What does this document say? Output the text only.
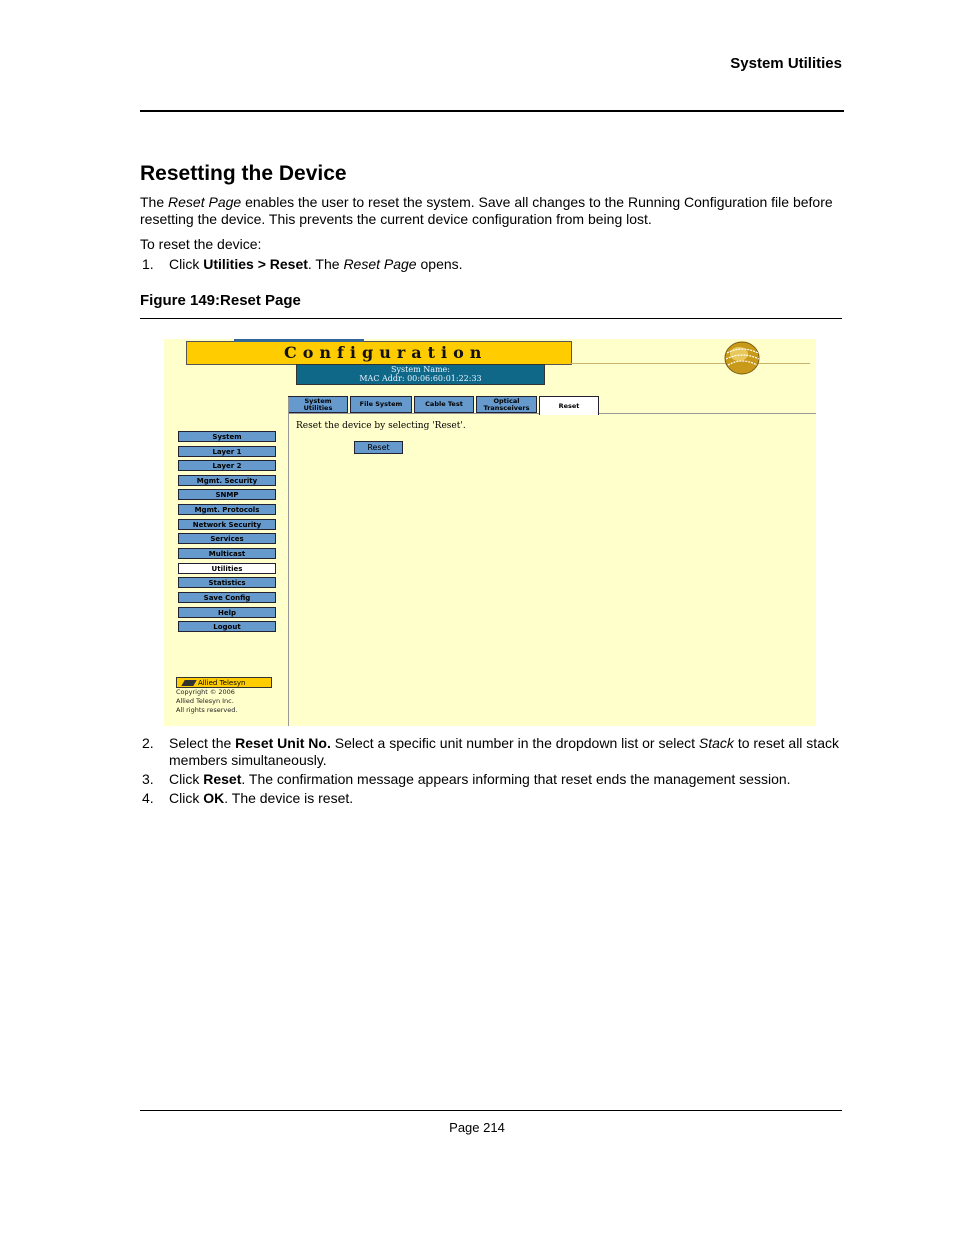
System Utilities
Resetting the Device
The Reset Page enables the user to reset the system. Save all changes to the Running Configuration file before resetting the device. This prevents the current device configuration from being lost.
To reset the device:
1. Click Utilities > Reset. The Reset Page opens.
Figure 149:Reset Page
Configuration
System Name:
MAC Addr: 00:06:60:01:22:33
System Utilities	File System	Cable Test	Optical Transceivers	Reset
System
Layer 1
Layer 2
Mgmt. Security
SNMP
Mgmt. Protocols
Network Security
Services
Multicast
Utilities
Statistics
Save Config
Help
Logout
Reset the device by selecting 'Reset'.
Reset
Allied Telesyn
Copyright © 2006
Allied Telesyn Inc.
All rights reserved.
2. Select the Reset Unit No. Select a specific unit number in the dropdown list or select Stack to reset all stack members simultaneously.
3. Click Reset. The confirmation message appears informing that reset ends the management session.
4. Click OK. The device is reset.
Page 214
